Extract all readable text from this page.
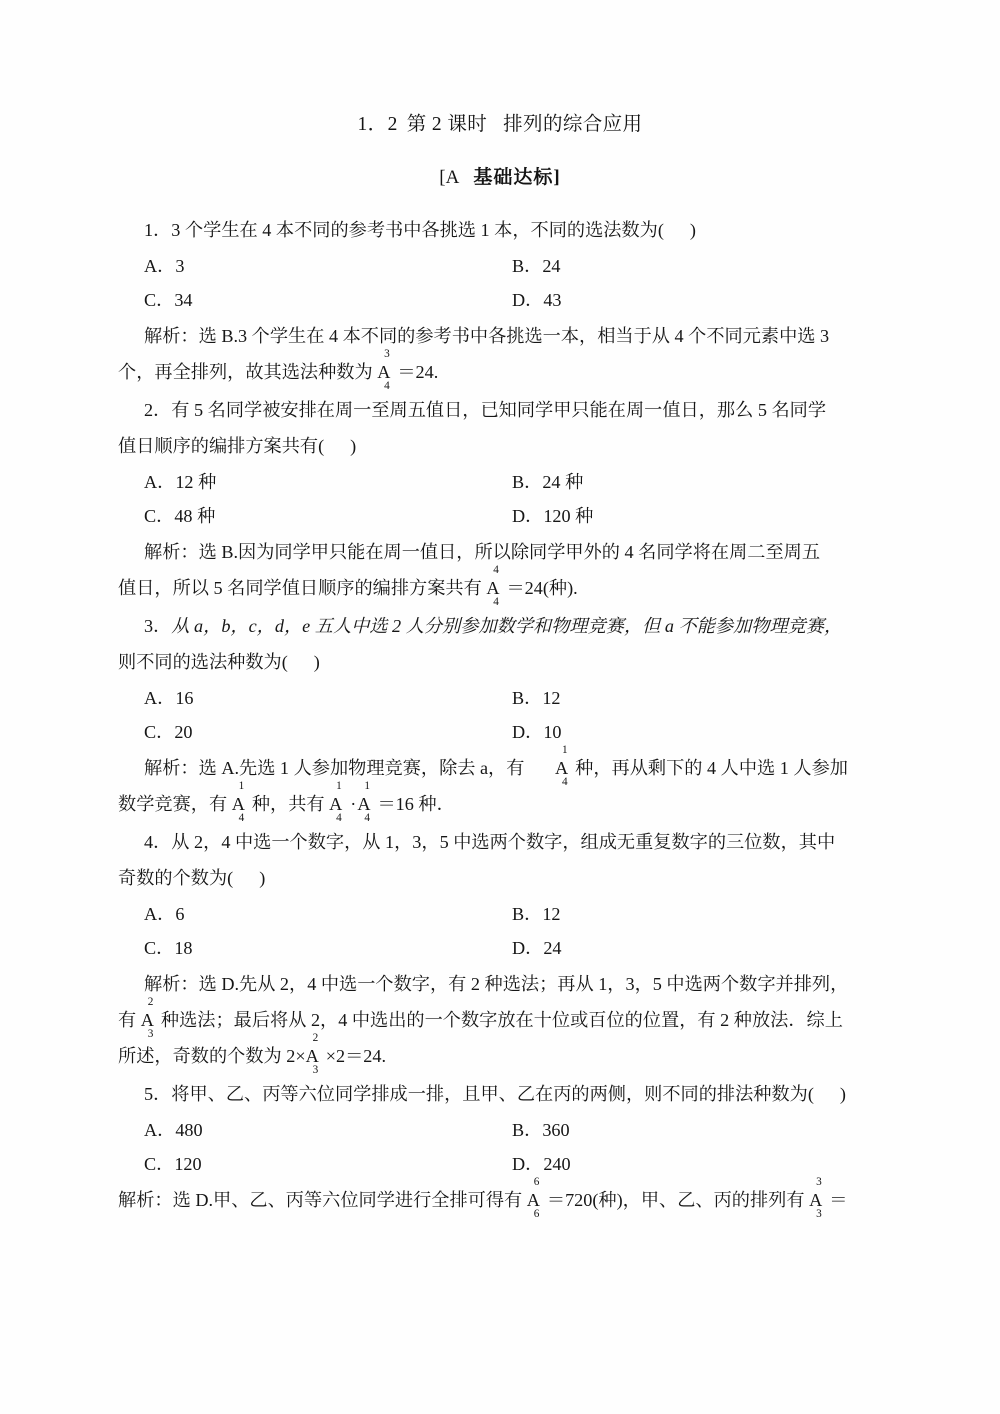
1．2 第 2 课时 排列的综合应用
[A 基础达标]

1．3 个学生在 4 本不同的参考书中各挑选 1 本，不同的选法数为( )

A．3	B．24
C．34	D．43

解析：选 B.3 个学生在 4 本不同的参考书中各挑选一本，相当于从 4 个不同元素中选 3

个，再全排列，故其选法种数为 A
3
4
＝24.

2．有 5 名同学被安排在周一至周五值日，已知同学甲只能在周一值日，那么 5 名同学

值日顺序的编排方案共有( )

A．12 种	B．24 种
C．48 种	D．120 种

解析：选 B.因为同学甲只能在周一值日，所以除同学甲外的 4 名同学将在周二至周五

值日，所以 5 名同学值日顺序的编排方案共有 A
4
4
＝24(种).

3．从 a，b，c，d，e 五人中选 2 人分别参加数学和物理竞赛，但 a 不能参加物理竞赛，

则不同的选法种数为( )

A．16	B．12
C．20	D．10

解析：选 A.先选 1 人参加物理竞赛，除去 a，有 A
1
4
种，再从剩下的 4 人中选 1 人参加

数学竞赛，有 A
1
4
种，共有 A
1
4
·A
1
4
＝16 种．

4．从 2，4 中选一个数字，从 1，3，5 中选两个数字，组成无重复数字的三位数，其中

奇数的个数为( )

A．6	B．12
C．18	D．24

解析：选 D.先从 2，4 中选一个数字，有 2 种选法；再从 1，3，5 中选两个数字并排列，

有 A
2
3
种选法；最后将从 2，4 中选出的一个数字放在十位或百位的位置，有 2 种放法．综上

所述，奇数的个数为 2×A
2
3
×2＝24.

5．将甲、乙、丙等六位同学排成一排，且甲、乙在丙的两侧，则不同的排法种数为( )

A．480	B．360
C．120	D．240

解析：选 D.甲、乙、丙等六位同学进行全排可得有 A
6
6
＝720(种)，甲、乙、丙的排列有 A
3
3
＝
